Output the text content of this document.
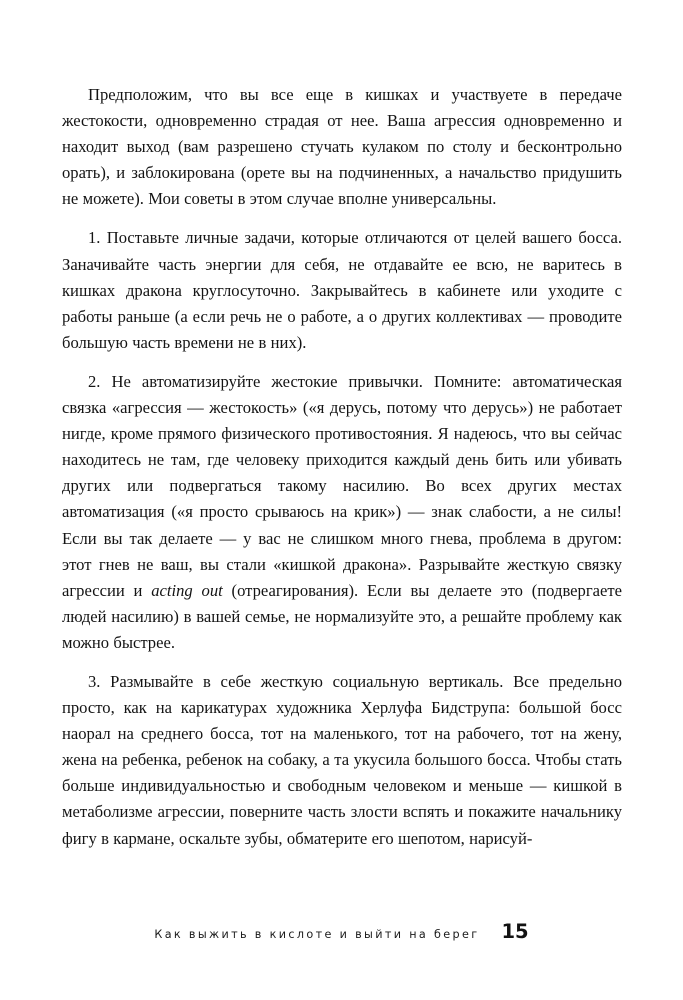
Предположим, что вы все еще в кишках и участвуете в передаче жестокости, одновременно страдая от нее. Ваша агрессия одновременно и находит выход (вам разрешено стучать кулаком по столу и бесконтрольно орать), и заблокирована (орете вы на подчиненных, а начальство придушить не можете). Мои советы в этом случае вполне универсальны.

1. Поставьте личные задачи, которые отличаются от целей вашего босса. Заначивайте часть энергии для себя, не отдавайте ее всю, не варитесь в кишках дракона круглосуточно. Закрывайтесь в кабинете или уходите с работы раньше (а если речь не о работе, а о других коллективах — проводите большую часть времени не в них).

2. Не автоматизируйте жестокие привычки. Помните: автоматическая связка «агрессия — жестокость» («я дерусь, потому что дерусь») не работает нигде, кроме прямого физического противостояния. Я надеюсь, что вы сейчас находитесь не там, где человеку приходится каждый день бить или убивать других или подвергаться такому насилию. Во всех других местах автоматизация («я просто срываюсь на крик») — знак слабости, а не силы! Если вы так делаете — у вас не слишком много гнева, проблема в другом: этот гнев не ваш, вы стали «кишкой дракона». Разрывайте жесткую связку агрессии и acting out (отреагирования). Если вы делаете это (подвергаете людей насилию) в вашей семье, не нормализуйте это, а решайте проблему как можно быстрее.

3. Размывайте в себе жесткую социальную вертикаль. Все предельно просто, как на карикатурах художника Херлуфа Бидструпа: большой босс наорал на среднего босса, тот на маленького, тот на рабочего, тот на жену, жена на ребенка, ребенок на собаку, а та укусила большого босса. Чтобы стать больше индивидуальностью и свободным человеком и меньше — кишкой в метаболизме агрессии, поверните часть злости вспять и покажите начальнику фигу в кармане, оскальте зубы, обматерите его шепотом, нарисуй-

Как выжить в кислоте и выйти на берег 15
